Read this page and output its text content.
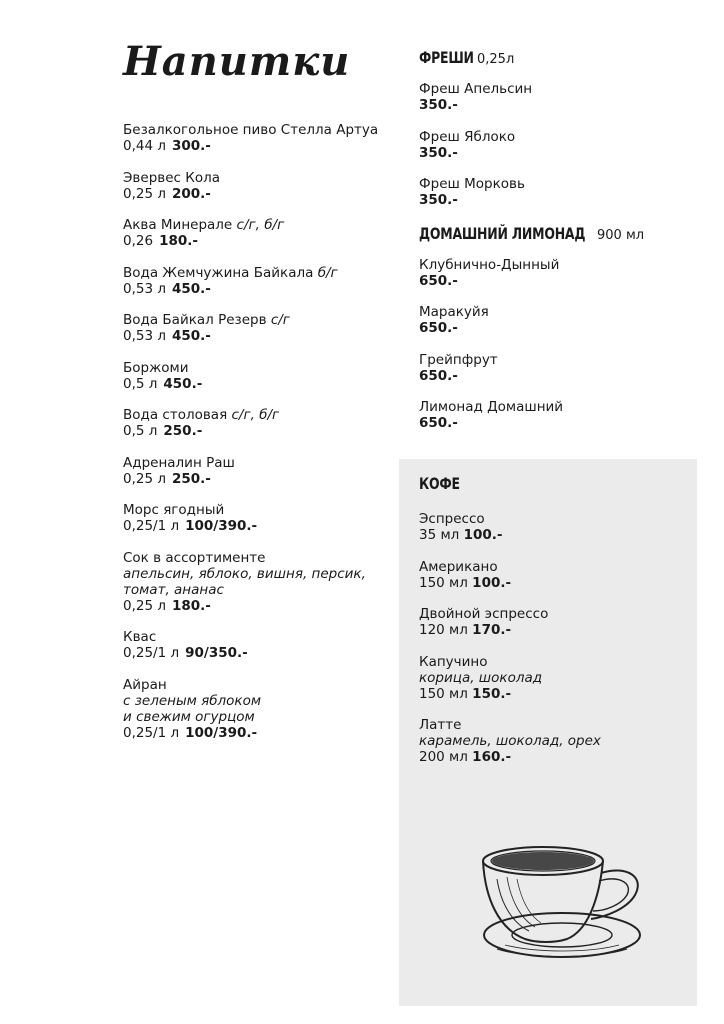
Напитки
Безалкогольное пиво Стелла Артуа
0,44 л 300.-
Эвервес Кола
0,25 л 200.-
Аква Минерале с/г, б/г
0,26 180.-
Вода Жемчужина Байкала б/г
0,53 л 450.-
Вода Байкал Резерв с/г
0,53 л 450.-
Боржоми
0,5 л 450.-
Вода столовая с/г, б/г
0,5 л 250.-
Адреналин Раш
0,25 л 250.-
Морс ягодный
0,25/1 л 100/390.-
Сок в ассортименте
апельсин, яблоко, вишня, персик,
томат, ананас
0,25 л 180.-
Квас
0,25/1 л 90/350.-
Айран
с зеленым яблоком
и свежим огурцом
0,25/1 л 100/390.-
ФРЕШИ 0,25л
Фреш Апельсин
350.-
Фреш Яблоко
350.-
Фреш Морковь
350.-
ДОМАШНИЙ ЛИМОНАД 900 мл
Клубнично-Дынный
650.-
Маракуйя
650.-
Грейпфрут
650.-
Лимонад Домашний
650.-
КОФЕ
Эспрессо
35 мл 100.-
Американо
150 мл 100.-
Двойной эспрессо
120 мл 170.-
Капучино
корица, шоколад
150 мл 150.-
Латте
карамель, шоколад, орех
200 мл 160.-
